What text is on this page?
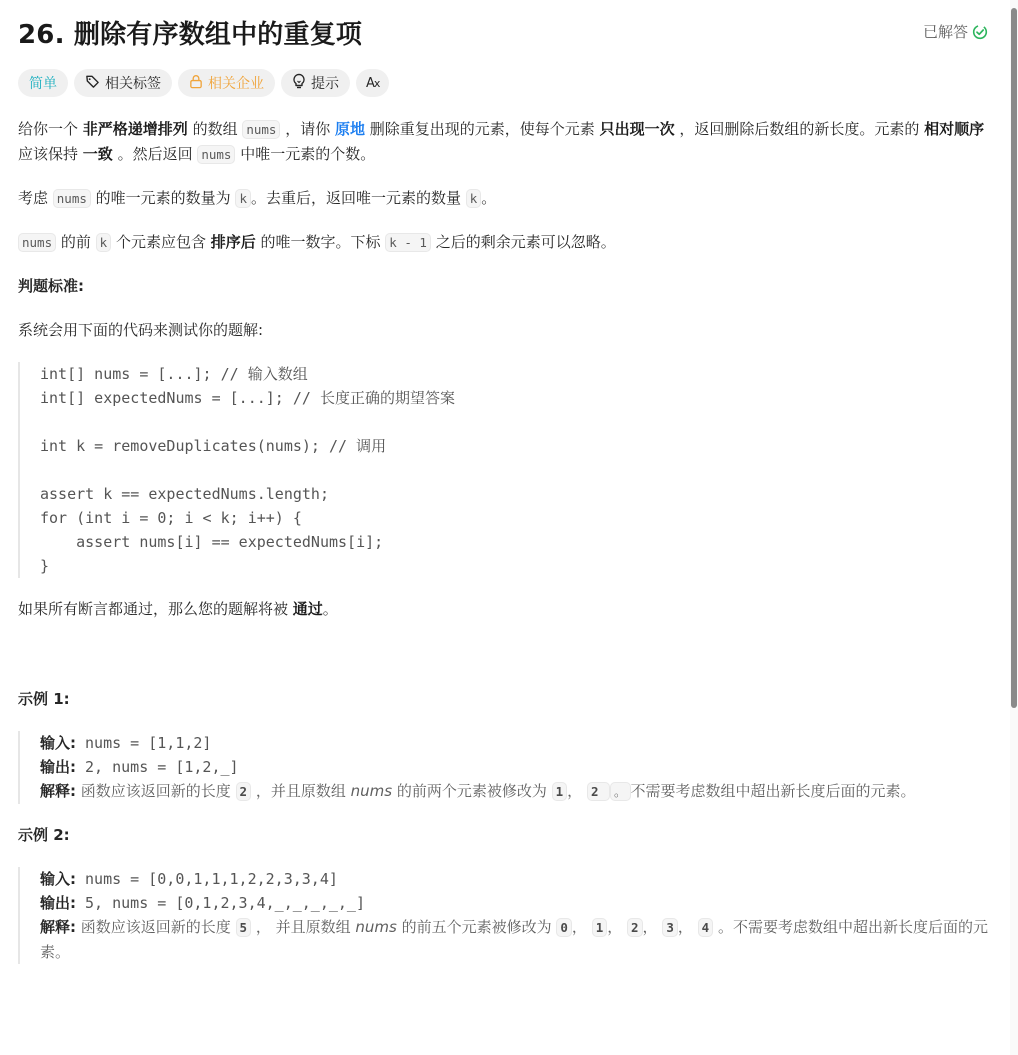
26. 删除有序数组中的重复项	已解答
简单	相关标签	相关企业	提示 Ax

给你一个 非严格递增排列 的数组 nums ，请你 原地 删除重复出现的元素，使每个元素 只出现一次 ，返回删除后数组的新长度。元素的 相对顺序 应该保持 一致 。然后返回 nums 中唯一元素的个数。

考虑 nums 的唯一元素的数量为 k 。去重后，返回唯一元素的数量 k 。

nums 的前 k 个元素应包含 排序后 的唯一数字。下标 k - 1 之后的剩余元素可以忽略。

判题标准:

系统会用下面的代码来测试你的题解:

int[] nums = [...]; // 输入数组
int[] expectedNums = [...]; // 长度正确的期望答案

int k = removeDuplicates(nums); // 调用

assert k == expectedNums.length;
for (int i = 0; i < k; i++) {
assert nums[i] == expectedNums[i];
}

如果所有断言都通过，那么您的题解将被 通过。

示例 1:

输入: nums = [1,1,2]
输出: 2, nums = [1,2,_]

解释: 函数应该返回新的长度 2 ，并且原数组 nums 的前两个元素被修改为 1 ， 2 。 不需要考虑数组中超出新长度后面的元素。

示例 2:

输入: nums = [0,0,1,1,1,2,2,3,3,4]
输出: 5, nums = [0,1,2,3,4,_,_,_,_,_]

解释: 函数应该返回新的长度 5 ， 并且原数组 nums 的前五个元素被修改为 0 ， 1 ， 2 ， 3 ， 4 。不需要考虑数组中超出新长度后面的元素。
